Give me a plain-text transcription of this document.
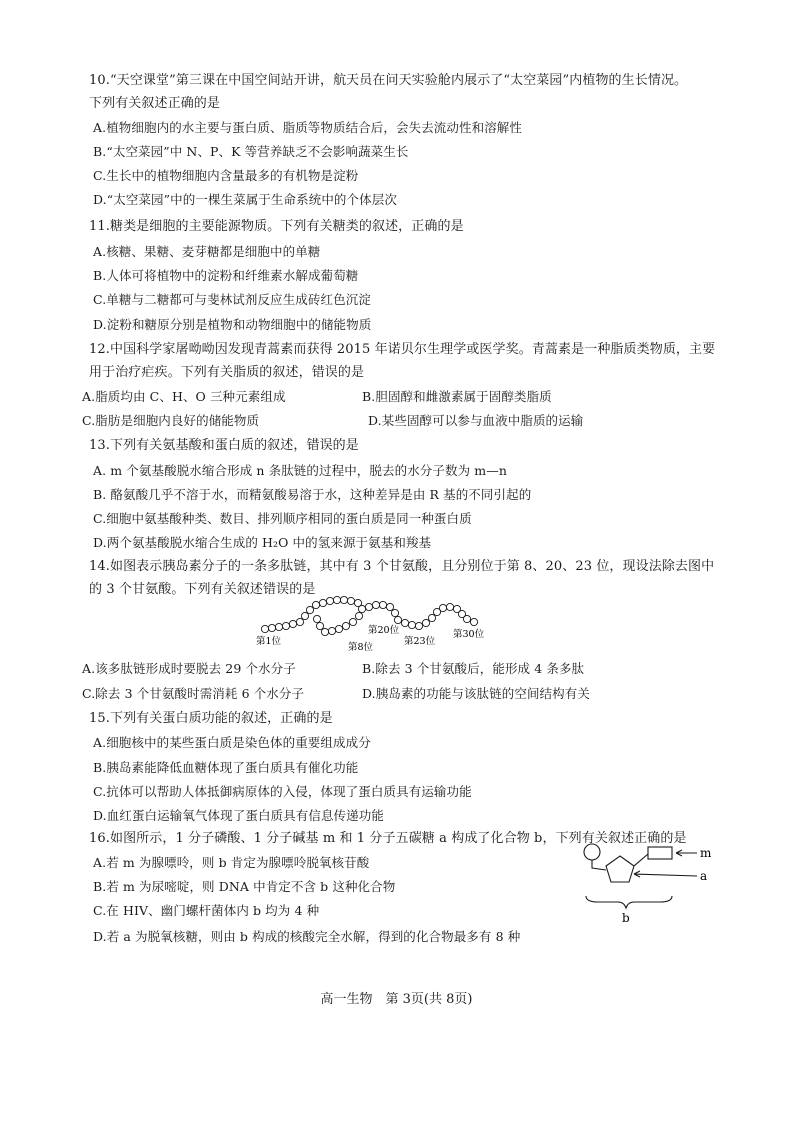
10.“天空课堂”第三课在中国空间站开讲，航天员在问天实验舱内展示了“太空菜园”内植物的生长情况。
下列有关叙述正确的是
A.植物细胞内的水主要与蛋白质、脂质等物质结合后，会失去流动性和溶解性
B.“太空菜园”中 N、P、K 等营养缺乏不会影响蔬菜生长
C.生长中的植物细胞内含量最多的有机物是淀粉
D.“太空菜园”中的一棵生菜属于生命系统中的个体层次
11.糖类是细胞的主要能源物质。下列有关糖类的叙述，正确的是
A.核糖、果糖、麦芽糖都是细胞中的单糖
B.人体可将植物中的淀粉和纤维素水解成葡萄糖
C.单糖与二糖都可与斐林试剂反应生成砖红色沉淀
D.淀粉和糖原分别是植物和动物细胞中的储能物质
12.中国科学家屠呦呦因发现青蒿素而获得 2015 年诺贝尔生理学或医学奖。青蒿素是一种脂质类物质，主要
用于治疗疟疾。下列有关脂质的叙述，错误的是
A.脂质均由 C、H、O 三种元素组成	B.胆固醇和雌激素属于固醇类脂质
C.脂肪是细胞内良好的储能物质	D.某些固醇可以参与血液中脂质的运输
13.下列有关氨基酸和蛋白质的叙述，错误的是
A. m 个氨基酸脱水缩合形成 n 条肽链的过程中，脱去的水分子数为 m—n
B. 酪氨酸几乎不溶于水，而精氨酸易溶于水，这种差异是由 R 基的不同引起的
C.细胞中氨基酸种类、数目、排列顺序相同的蛋白质是同一种蛋白质
D.两个氨基酸脱水缩合生成的 H₂O 中的氢来源于氨基和羧基
14.如图表示胰岛素分子的一条多肽链，其中有 3 个甘氨酸，且分别位于第 8、20、23 位，现设法除去图中
的 3 个甘氨酸。下列有关叙述错误的是
第1位
第8位
第20位
第23位
第30位
A.该多肽链形成时要脱去 29 个水分子	B.除去 3 个甘氨酸后，能形成 4 条多肽
C.除去 3 个甘氨酸时需消耗 6 个水分子	D.胰岛素的功能与该肽链的空间结构有关
15.下列有关蛋白质功能的叙述，正确的是
A.细胞核中的某些蛋白质是染色体的重要组成成分
B.胰岛素能降低血糖体现了蛋白质具有催化功能
C.抗体可以帮助人体抵御病原体的入侵，体现了蛋白质具有运输功能
D.血红蛋白运输氧气体现了蛋白质具有信息传递功能
16.如图所示，1 分子磷酸、1 分子碱基 m 和 1 分子五碳糖 a 构成了化合物 b，下列有关叙述正确的是
A.若 m 为腺嘌呤，则 b 肯定为腺嘌呤脱氧核苷酸
B.若 m 为尿嘧啶，则 DNA 中肯定不含 b 这种化合物
C.在 HIV、幽门螺杆菌体内 b 均为 4 种
D.若 a 为脱氧核糖，则由 b 构成的核酸完全水解，得到的化合物最多有 8 种
m
a
b
高一生物　第 3页(共 8页)
